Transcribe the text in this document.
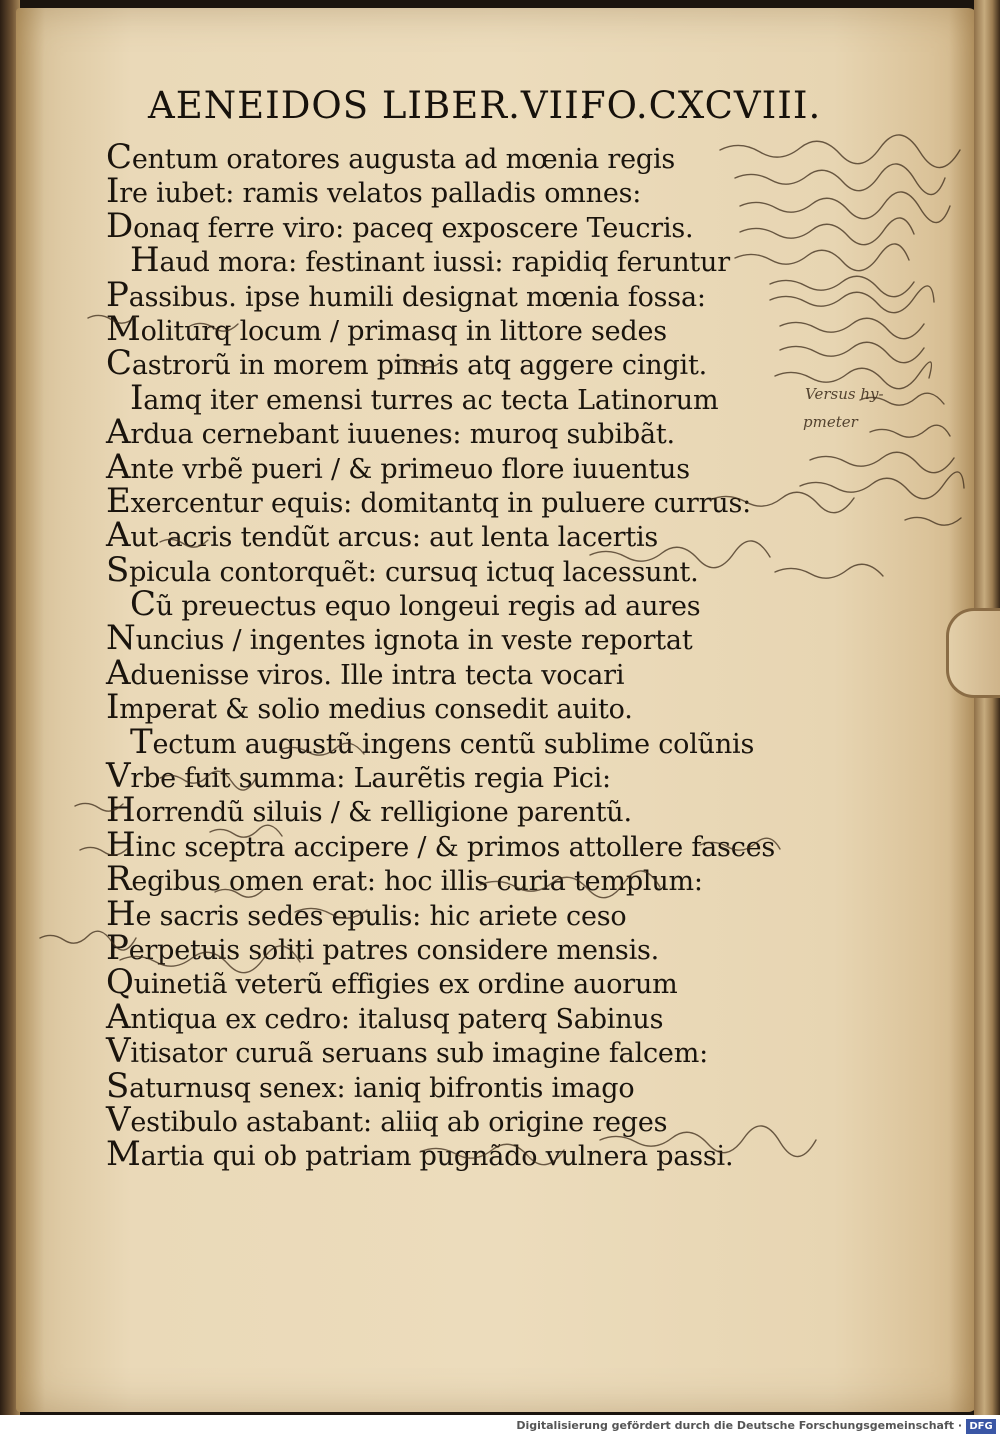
AENEIDOS LIBER.VII.
FO.CXCVIII.
Centum oratores augusta ad mœnia regis
Ire iubet: ramis velatos palladis omnes:
Donaq ferre viro: paceq exposcere Teucris.
Haud mora: festinant iussi: rapidiq feruntur
Passibus. ipse humili designat mœnia fossa:
Moliturq locum / primasq in littore sedes
Castrorũ in morem pinnis atq aggere cingit.
Iamq iter emensi turres ac tecta Latinorum
Ardua cernebant iuuenes: muroq subibãt.
Ante vrbẽ pueri / & primeuo flore iuuentus
Exercentur equis: domitantq in puluere currus:
Aut acris tendũt arcus: aut lenta lacertis
Spicula contorquẽt: cursuq ictuq lacessunt.
Cũ preuectus equo longeui regis ad aures
Nuncius / ingentes ignota in veste reportat
Aduenisse viros. Ille intra tecta vocari
Imperat & solio medius consedit auito.
Tectum augustũ ingens centũ sublime colũnis
Vrbe fuit summa: Laurẽtis regia Pici:
Horrendũ siluis / & relligione parentũ.
Hinc sceptra accipere / & primos attollere fasces
Regibus omen erat: hoc illis curia templum:
He sacris sedes epulis: hic ariete ceso
Perpetuis soliti patres considere mensis.
Quinetiã veterũ effigies ex ordine auorum
Antiqua ex cedro: italusq paterq Sabinus
Vitisator curuã seruans sub imagine falcem:
Saturnusq senex: ianiq bifrontis imago
Vestibulo astabant: aliiq ab origine reges
Martia qui ob patriam pugnãdo vulnera passi.
Versus hy-
pmeter
Digitalisierung gefördert durch die Deutsche Forschungsgemeinschaft · DFG
